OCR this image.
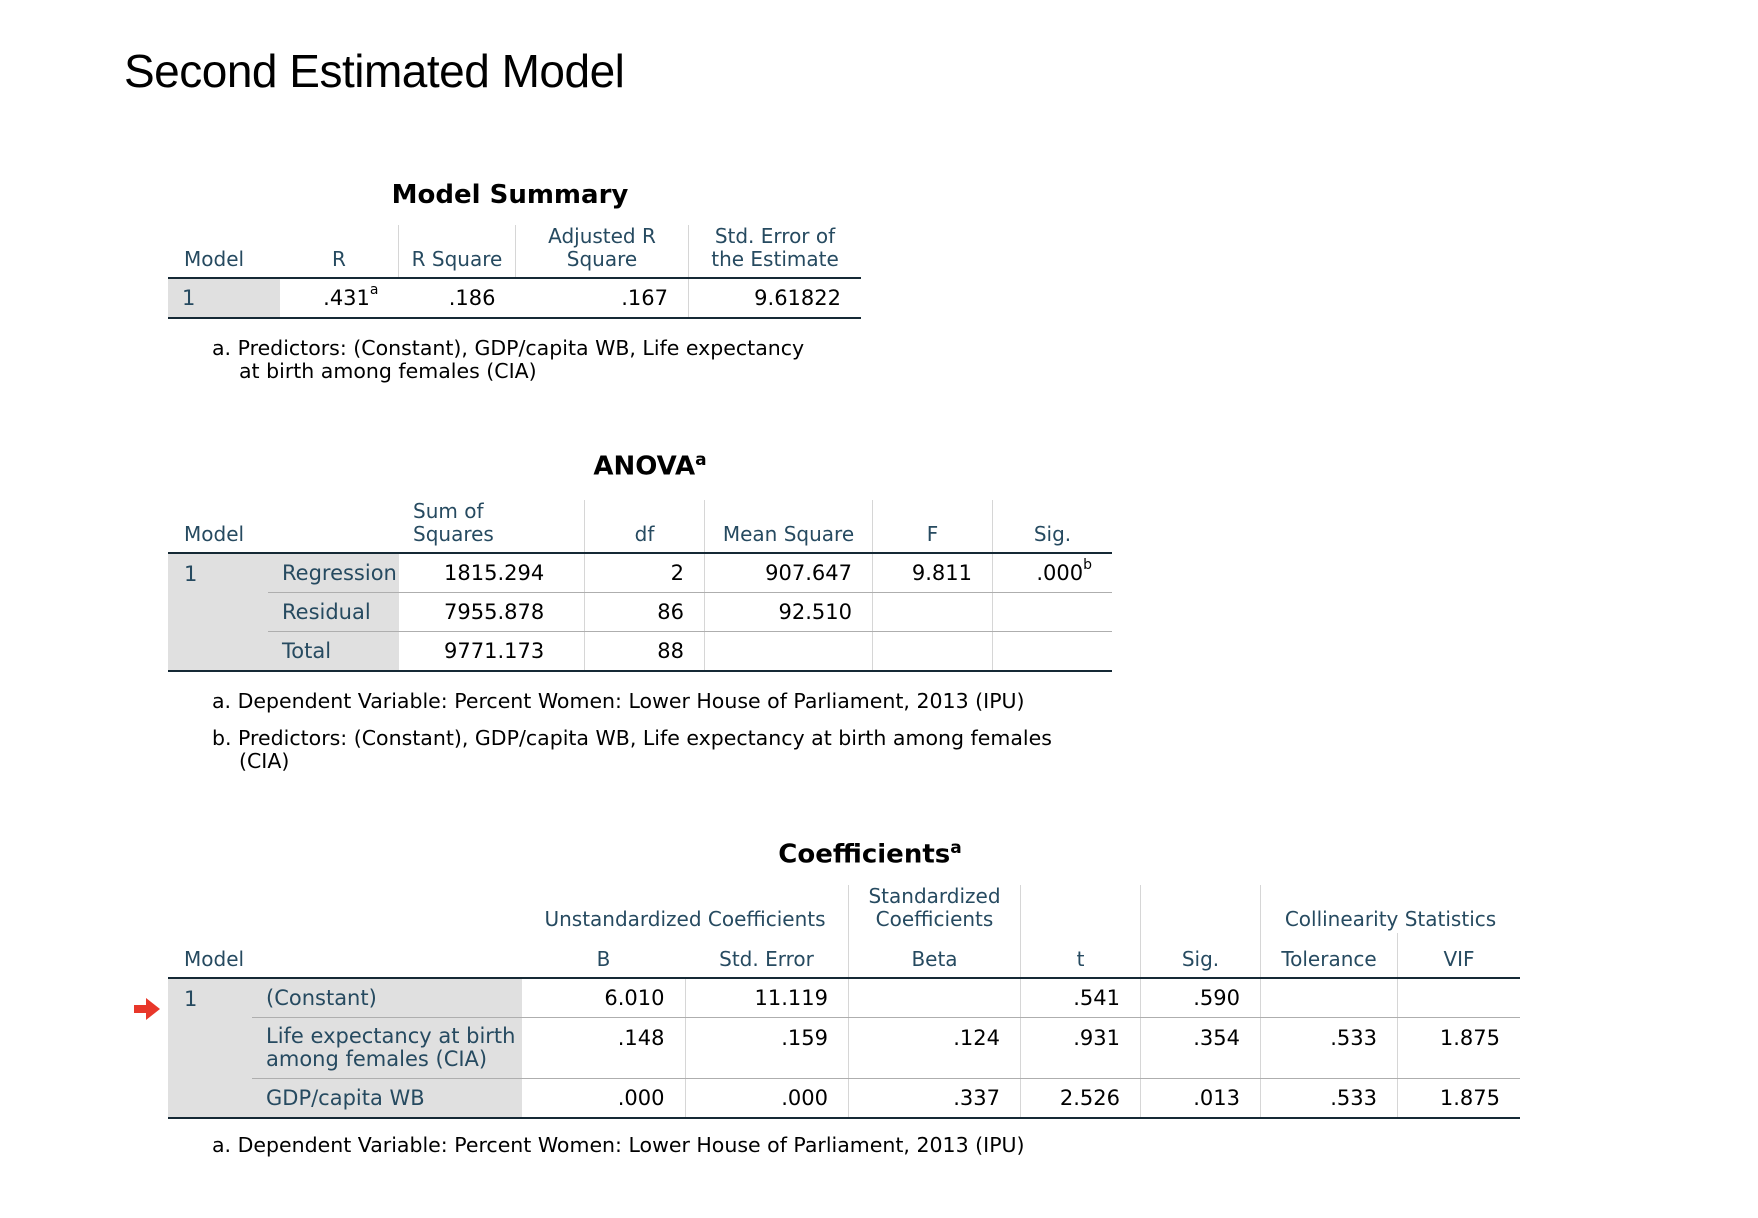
Second Estimated Model
Model Summary
Model	R	R Square	Adjusted R
Square	Std. Error of
the Estimate
1	.431$^a$	.186	.167	9.61822
a. Predictors: (Constant), GDP/capita WB, Life expectancy
at birth among females (CIA)
ANOVA$^a$
Model		Sum of
Squares	df	Mean Square	F	Sig.
1	Regression	1815.294	2	907.647	9.811	.000$^b$
	Residual	7955.878	86	92.510		
	Total	9771.173	88			
a. Dependent Variable: Percent Women: Lower House of Parliament, 2013 (IPU)
b. Predictors: (Constant), GDP/capita WB, Life expectancy at birth among females
(CIA)
Coefficients$^a$
		Unstandardized Coefficients		Standardized
Coefficients			Collinearity Statistics	
Model		B	Std. Error	Beta	t	Sig.	Tolerance	VIF
1	(Constant)	6.010	11.119		.541	.590		
	Life expectancy at birth
among females (CIA)	.148	.159	.124	.931	.354	.533	1.875
	GDP/capita WB	.000	.000	.337	2.526	.013	.533	1.875
a. Dependent Variable: Percent Women: Lower House of Parliament, 2013 (IPU)
